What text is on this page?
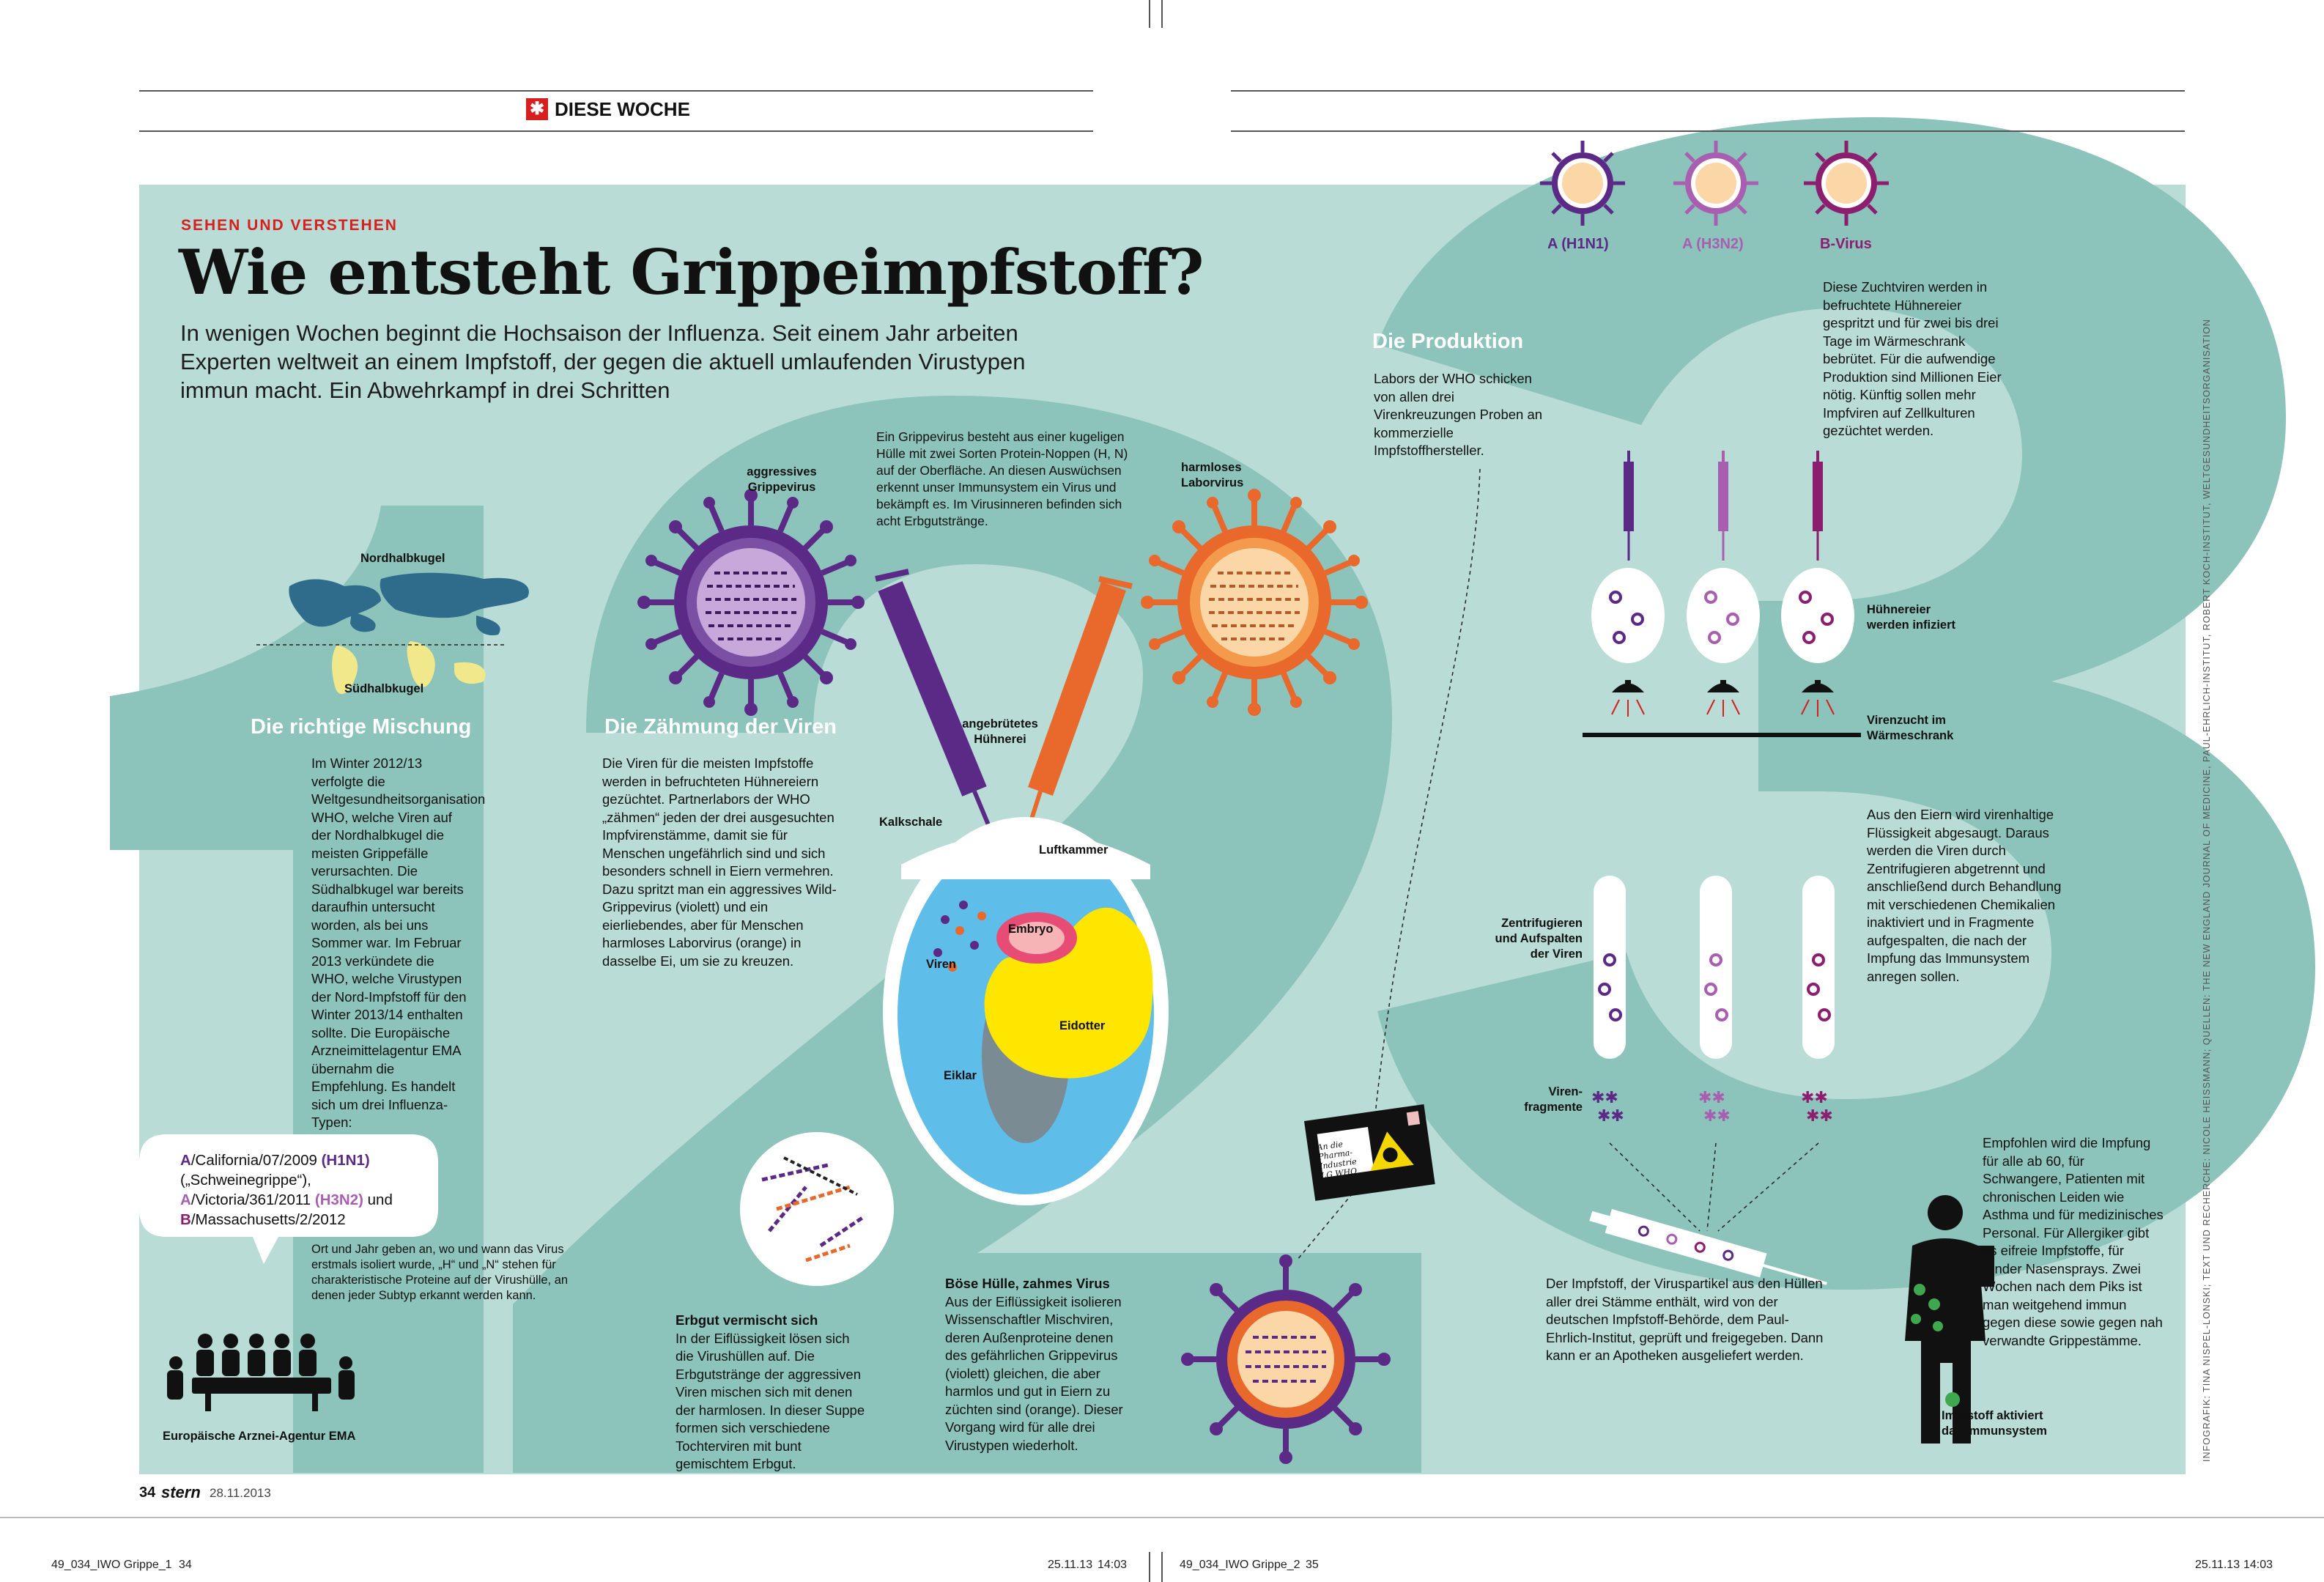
✱✱
✱✱
✱✱
✱✱
✱✱
✱✱
✱ DIESE WOCHE
SEHEN UND VERSTEHEN
Wie entsteht Grippeimpfstoff?
In wenigen Wochen beginnt die Hochsaison der Influenza. Seit einem Jahr arbeiten Experten weltweit an einem Impfstoff, der gegen die aktuell umlaufenden Virustypen immun macht. Ein Abwehrkampf in drei Schritten
Nordhalbkugel
Südhalbkugel
Die richtige Mischung
Im Winter 2012/13 verfolgte die Weltgesundheitsorganisation WHO, welche Viren auf der Nordhalbkugel die meisten Grippefälle verursachten. Die Südhalbkugel war bereits daraufhin untersucht worden, als bei uns Sommer war. Im Februar 2013 verkündete die WHO, welche Virustypen der Nord-Impfstoff für den Winter 2013/14 enthalten sollte. Die Europäische Arzneimittelagentur EMA übernahm die Empfehlung. Es handelt sich um drei Influenza-Typen:
A/California/07/2009 (H1N1)
(„Schweinegrippe“),
A/Victoria/361/2011 (H3N2) und
B/Massachusetts/2/2012
Ort und Jahr geben an, wo und wann das Virus erstmals isoliert wurde, „H“ und „N“ stehen für charakteristische Proteine auf der Virushülle, an denen jeder Subtyp erkannt werden kann.
Europäische Arznei-Agentur EMA
aggressives Grippevirus
harmloses Laborvirus
Ein Grippevirus besteht aus einer kugeligen Hülle mit zwei Sorten Protein-Noppen (H, N) auf der Oberfläche. An diesen Auswüchsen erkennt unser Immunsystem ein Virus und bekämpft es. Im Virusinneren befinden sich acht Erbgutstränge.
Die Zähmung der Viren
Die Viren für die meisten Impfstoffe werden in befruchteten Hühnereiern gezüchtet. Partnerlabors der WHO „zähmen“ jeden der drei ausgesuchten Impfvirenstämme, damit sie für Menschen ungefährlich sind und sich besonders schnell in Eiern vermehren. Dazu spritzt man ein aggressives Wild-Grippevirus (violett) und ein eierliebendes, aber für Menschen harmloses Laborvirus (orange) in dasselbe Ei, um sie zu kreuzen.
angebrütetes Hühnerei
Kalkschale
Luftkammer
Embryo
Viren
Eidotter
Eiklar
Erbgut vermischt sich
In der Eiflüssigkeit lösen sich die Virushüllen auf. Die Erbgutstränge der aggressiven Viren mischen sich mit denen der harmlosen. In dieser Suppe formen sich verschiedene Tochterviren mit bunt gemischtem Erbgut.
Böse Hülle, zahmes Virus
Aus der Eiflüssigkeit isolieren Wissenschaftler Mischviren, deren Außenproteine denen des gefährlichen Grippevirus (violett) gleichen, die aber harmlos und gut in Eiern zu züchten sind (orange). Dieser Vorgang wird für alle drei Virustypen wiederholt.
An die Pharma-Industrie LG WHO
A (H1N1)	A (H3N2)	B-Virus
Die Produktion
Labors der WHO schicken von allen drei Virenkreuzungen Proben an kommerzielle Impfstoffhersteller.
Diese Zuchtviren werden in befruchtete Hühnereier gespritzt und für zwei bis drei Tage im Wärmeschrank bebrütet. Für die aufwendige Produktion sind Millionen Eier nötig. Künftig sollen mehr Impfviren auf Zellkulturen gezüchtet werden.
Hühnereier werden infiziert
Virenzucht im Wärmeschrank
Aus den Eiern wird virenhaltige Flüssigkeit abgesaugt. Daraus werden die Viren durch Zentrifugieren abgetrennt und anschließend durch Behandlung mit verschiedenen Chemikalien inaktiviert und in Fragmente aufgespalten, die nach der Impfung das Immunsystem anregen sollen.
Zentrifugieren und Aufspalten der Viren
Viren-fragmente
Der Impfstoff, der Viruspartikel aus den Hüllen aller drei Stämme enthält, wird von der deutschen Impfstoff-Behörde, dem Paul-Ehrlich-Institut, geprüft und freigegeben. Dann kann er an Apotheken ausgeliefert werden.
Empfohlen wird die Impfung für alle ab 60, für Schwangere, Patienten mit chronischen Leiden wie Asthma und für medizinisches Personal. Für Allergiker gibt es eifreie Impfstoffe, für Kinder Nasensprays. Zwei Wochen nach dem Piks ist man weitgehend immun gegen diese sowie gegen nah verwandte Grippestämme.
Impfstoff aktiviert das Immunsystem	INFOGRAFIK: TINA NISPEL-LONSKI; TEXT UND RECHERCHE: NICOLE HEISSMANN; QUELLEN: THE NEW ENGLAND JOURNAL OF MEDICINE, PAUL-EHRLICH-INSTITUT, ROBERT KOCH-INSTITUT, WELTGESUNDHEITSORGANISATION
34 stern 28.11.2013
49_034_IWO Grippe_1 34	25.11.13 14:03	49_034_IWO Grippe_2 35	25.11.13 14:03
